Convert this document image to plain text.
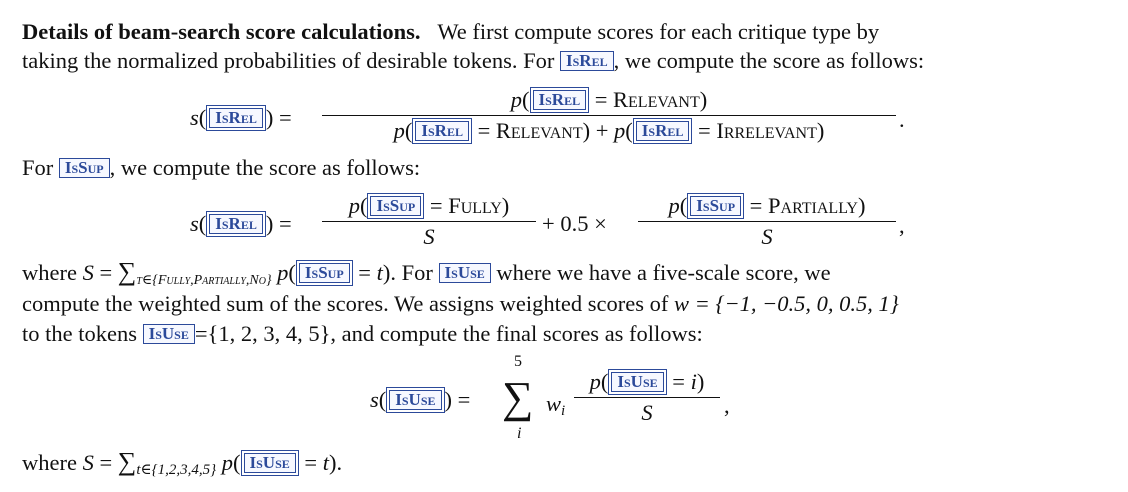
Details of beam-search score calculations. We first compute scores for each critique type by
taking the normalized probabilities of desirable tokens. For IsRel , we compute the score as follows:
s( IsRel ) =
p( IsRel = Relevant)
p( IsRel = Relevant) + p( IsRel = Irrelevant)	.
For IsSup , we compute the score as follows:
s( IsRel ) =
p( IsSup = Fully)
S
+ 0.5 ×
p( IsSup = Partially)
S	,
where S = ∑t∈{Fully,Partially,No} p( IsSup = t). For IsUse where we have a five-scale score, we
compute the weighted sum of the scores. We assigns weighted scores of w = {−1, −0.5, 0, 0.5, 1}
to the tokens IsUse ={1, 2, 3, 4, 5}, and compute the final scores as follows:
s( IsUse ) =
5
∑
i
$w_i$
p( IsUse = i)
S	,
where $S = \sum_{t\in\{1,2,3,4,5\}}$ p( IsUse = t).
